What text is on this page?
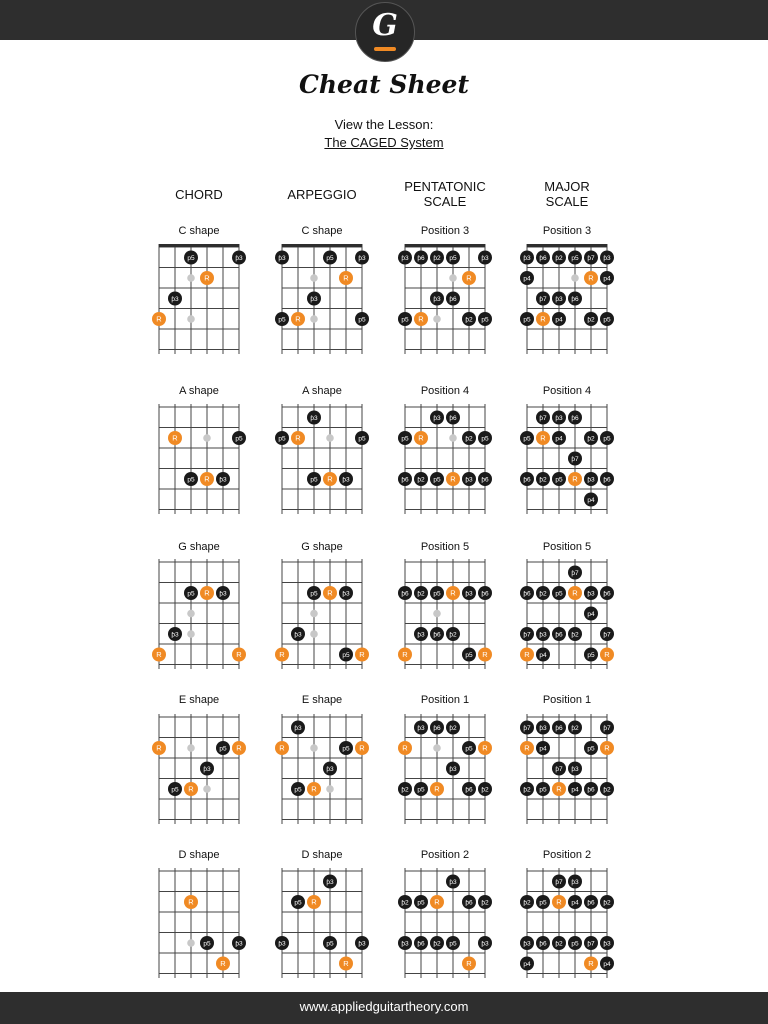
G
Cheat Sheet
View the Lesson:
The CAGED System
CHORD	ARPEGGIO
PENTATONIC
SCALE
MAJOR
SCALE
C shape
p5	ƥ3
R
ƥ3
R
C shape
ƥ3	p5	ƥ3
R
ƥ3
p5 R	p5
Position 3
ƥ3 ƥ6 ƥ2 p5	ƥ3
R
ƥ3 ƥ6
p5 R	ƥ2 p5
Position 3
ƥ3 ƥ6 ƥ2 p5 ƥ7 ƥ3
p4	R p4
ƥ7 ƥ3 ƥ6
p5 R p4	ƥ2 p5
A shape
R	p5
p5 R ƥ3
A shape
ƥ3
p5 R	p5
p5 R ƥ3
Position 4
ƥ3 ƥ6
p5 R	ƥ2 p5
ƥ6 ƥ2 p5 R ƥ3 ƥ6
Position 4
ƥ7 ƥ3 ƥ6
p5 R p4	ƥ2 p5
ƥ7
ƥ6 ƥ2 p5 R ƥ3 ƥ6
p4
G shape
p5 R ƥ3
ƥ3
R	R
G shape
p5 R ƥ3
ƥ3
R	p5 R
Position 5
ƥ6 ƥ2 p5 R ƥ3 ƥ6
ƥ3 ƥ6 ƥ2
R	p5 R
Position 5
ƥ7
ƥ6 ƥ2 p5 R ƥ3 ƥ6
p4
ƥ7 ƥ3 ƥ6 ƥ2	ƥ7
R p4	p5 R
E shape
R	p5 R
ƥ3
p5 R
E shape
ƥ3
R	p5 R
ƥ3
p5 R
Position 1
ƥ3 ƥ6 ƥ2
R	p5 R
ƥ3
ƥ2 p5 R	ƥ6 ƥ2
Position 1
ƥ7 ƥ3 ƥ6 ƥ2	ƥ7
R p4	p5 R
ƥ7 ƥ3
ƥ2 p5 R p4 ƥ6 ƥ2
D shape
R
p5	ƥ3
R
D shape
ƥ3
p5 R
ƥ3	p5	ƥ3
R
Position 2
ƥ3
ƥ2 p5 R	ƥ6 ƥ2
ƥ3 ƥ6 ƥ2 p5	ƥ3
R
Position 2
ƥ7 ƥ3
ƥ2 p5 R p4 ƥ6 ƥ2
ƥ3 ƥ6 ƥ2 p5 ƥ7 ƥ3
p4	R p4
www.appliedguitartheory.com
